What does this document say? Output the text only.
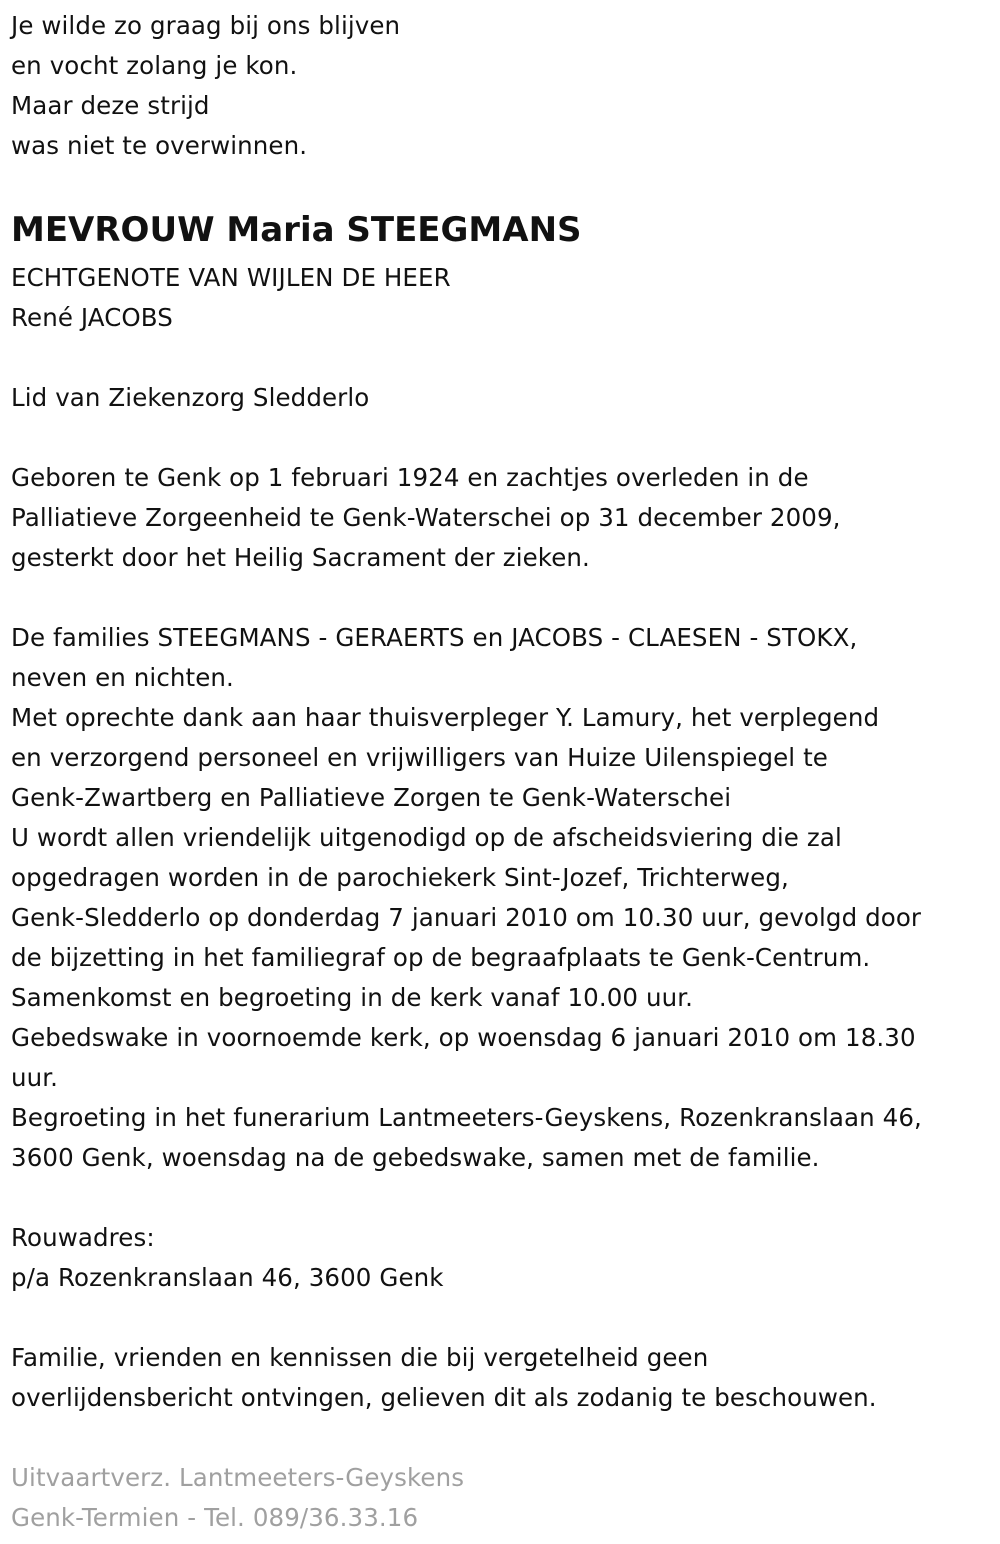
Je wilde zo graag bij ons blijven
en vocht zolang je kon.
Maar deze strijd
was niet te overwinnen.
MEVROUW Maria STEEGMANS
ECHTGENOTE VAN WIJLEN DE HEER
René JACOBS
Lid van Ziekenzorg Sledderlo
Geboren te Genk op 1 februari 1924 en zachtjes overleden in de
Palliatieve Zorgeenheid te Genk-Waterschei op 31 december 2009,
gesterkt door het Heilig Sacrament der zieken.
De families STEEGMANS - GERAERTS en JACOBS - CLAESEN - STOKX,
neven en nichten.
Met oprechte dank aan haar thuisverpleger Y. Lamury, het verplegend
en verzorgend personeel en vrijwilligers van Huize Uilenspiegel te
Genk-Zwartberg en Palliatieve Zorgen te Genk-Waterschei
U wordt allen vriendelijk uitgenodigd op de afscheidsviering die zal
opgedragen worden in de parochiekerk Sint-Jozef, Trichterweg,
Genk-Sledderlo op donderdag 7 januari 2010 om 10.30 uur, gevolgd door
de bijzetting in het familiegraf op de begraafplaats te Genk-Centrum.
Samenkomst en begroeting in de kerk vanaf 10.00 uur.
Gebedswake in voornoemde kerk, op woensdag 6 januari 2010 om 18.30
uur.
Begroeting in het funerarium Lantmeeters-Geyskens, Rozenkranslaan 46,
3600 Genk, woensdag na de gebedswake, samen met de familie.
Rouwadres:
p/a Rozenkranslaan 46, 3600 Genk
Familie, vrienden en kennissen die bij vergetelheid geen
overlijdensbericht ontvingen, gelieven dit als zodanig te beschouwen.
Uitvaartverz. Lantmeeters-Geyskens
Genk-Termien - Tel. 089/36.33.16
